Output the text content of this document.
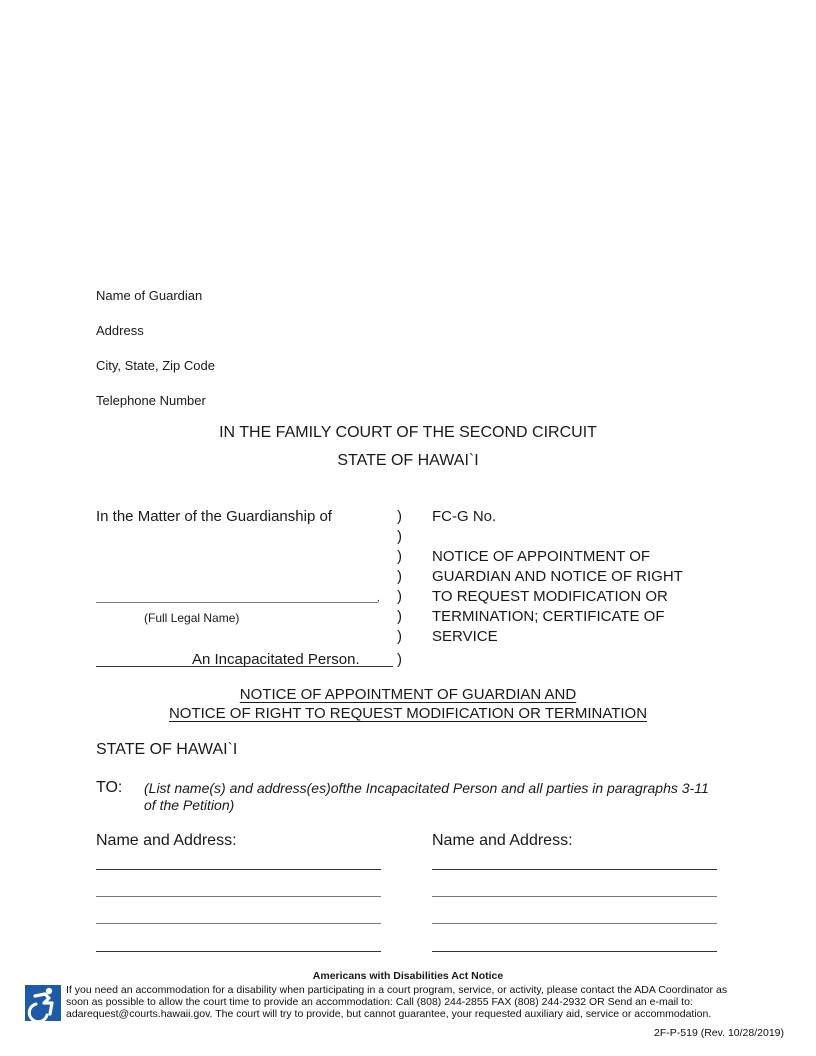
Name of Guardian
Address
City, State, Zip Code
Telephone Number
IN THE FAMILY COURT OF THE SECOND CIRCUIT
STATE OF HAWAI`I
In the Matter of the Guardianship of
,
(Full Legal Name)
An Incapacitated Person.
)
)
)
)
)
)
)
)
FC-G No.
NOTICE OF APPOINTMENT OF
GUARDIAN AND NOTICE OF RIGHT
TO REQUEST MODIFICATION OR
TERMINATION; CERTIFICATE OF
SERVICE
NOTICE OF APPOINTMENT OF GUARDIAN AND
NOTICE OF RIGHT TO REQUEST MODIFICATION OR TERMINATION
STATE OF HAWAI`I
TO: (List name(s) and address(es)ofthe Incapacitated Person and all parties in paragraphs 3-11
of the Petition)
Name and Address:	Name and Address:
Americans with Disabilities Act Notice
If you need an accommodation for a disability when participating in a court program, service, or activity, please contact the ADA Coordinator as
soon as possible to allow the court time to provide an accommodation: Call (808) 244-2855 FAX (808) 244-2932 OR Send an e-mail to:
adarequest@courts.hawaii.gov. The court will try to provide, but cannot guarantee, your requested auxiliary aid, service or accommodation.
2F-P-519 (Rev. 10/28/2019)
